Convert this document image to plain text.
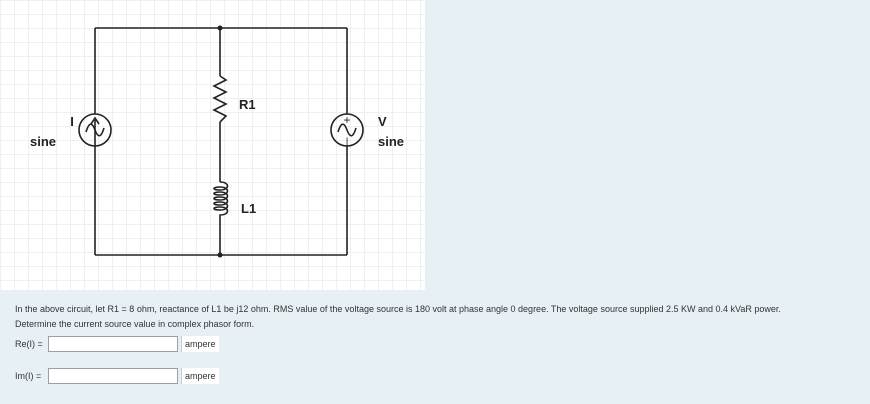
I
sine
R1
L1
V
sine
+
|
In the above circuit, let R1 = 8 ohm, reactance of L1 be j12 ohm. RMS value of the voltage source is 180 volt at phase angle 0 degree. The voltage source supplied 2.5 KW and 0.4 kVaR power.
Determine the current source value in complex phasor form.
Re(I) =	ampere
Im(I) =	ampere
